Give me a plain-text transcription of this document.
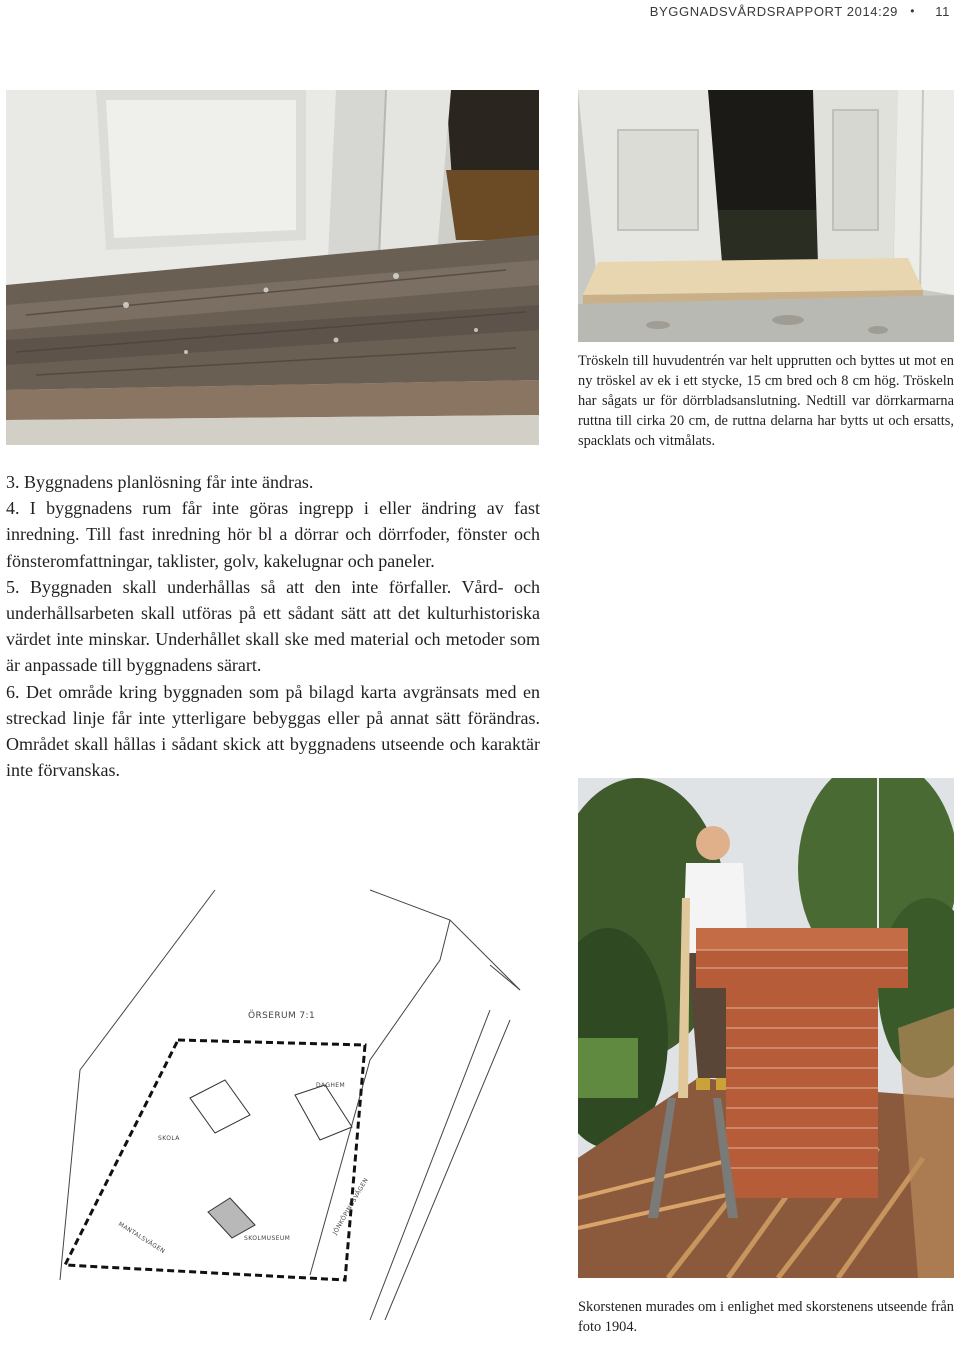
BYGGNADSVÅRDSRAPPORT 2014:29 • 11
Tröskeln till huvudentrén var helt upprutten och byttes ut mot en ny tröskel av ek i ett stycke, 15 cm bred och 8 cm hög. Tröskeln har sågats ur för dörrbladsanslutning. Nedtill var dörrkarmarna ruttna till cirka 20 cm, de ruttna delarna har bytts ut och ersatts, spacklats och vitmålats.

3. Byggnadens planlösning får inte ändras.

4. I byggnadens rum får inte göras ingrepp i eller ändring av fast inredning. Till fast inredning hör bl a dörrar och dörrfoder, fönster och fönsteromfattningar, taklister, golv, kakelugnar och paneler.

5. Byggnaden skall underhållas så att den inte förfaller. Vård- och underhållsarbeten skall utföras på ett sådant sätt att det kulturhistoriska värdet inte minskar. Underhållet skall ske med material och metoder som är anpassade till byggnadens särart.

6. Det område kring byggnaden som på bilagd karta avgränsats med en streckad linje får inte ytterligare bebyggas eller på annat sätt förändras. Området skall hållas i sådant skick att byggnadens utseende och karaktär inte förvanskas.

Skorstenen murades om i enlighet med skorstenens utseende från foto 1904.
ÖRSERUM 7:1
SKOLA
DAGHEM
SKOLMUSEUM
MANTALSVÄGEN
JÖNKÖPINGSVÄGEN
